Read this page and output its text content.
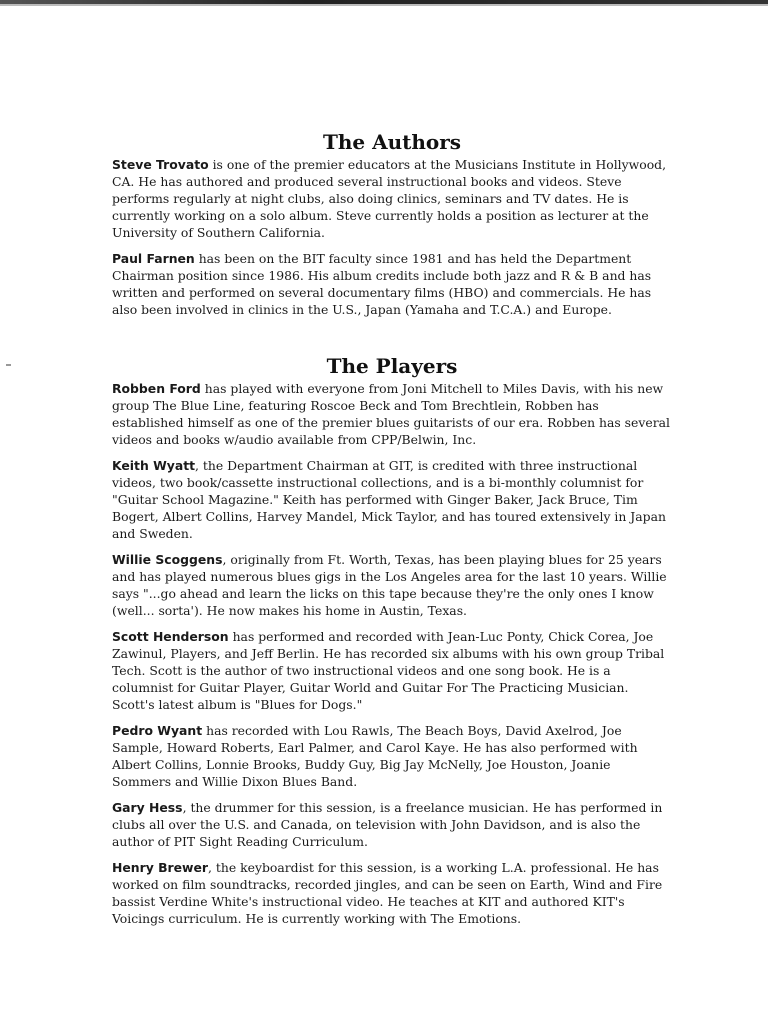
The Authors

Steve Trovato is one of the premier educators at the Musicians Institute in Hollywood, CA. He has authored and produced several instructional books and videos. Steve performs regularly at night clubs, also doing clinics, seminars and TV dates. He is currently working on a solo album. Steve currently holds a position as lecturer at the University of Southern California.

Paul Farnen has been on the BIT faculty since 1981 and has held the Department Chairman position since 1986. His album credits include both jazz and R & B and has written and performed on several documentary films (HBO) and commercials. He has also been involved in clinics in the U.S., Japan (Yamaha and T.C.A.) and Europe.

The Players

Robben Ford has played with everyone from Joni Mitchell to Miles Davis, with his new group The Blue Line, featuring Roscoe Beck and Tom Brechtlein, Robben has established himself as one of the premier blues guitarists of our era. Robben has several videos and books w/audio available from CPP/Belwin, Inc.

Keith Wyatt, the Department Chairman at GIT, is credited with three instructional videos, two book/cassette instructional collections, and is a bi-monthly columnist for "Guitar School Magazine." Keith has performed with Ginger Baker, Jack Bruce, Tim Bogert, Albert Collins, Harvey Mandel, Mick Taylor, and has toured extensively in Japan and Sweden.

Willie Scoggens, originally from Ft. Worth, Texas, has been playing blues for 25 years and has played numerous blues gigs in the Los Angeles area for the last 10 years. Willie says "...go ahead and learn the licks on this tape because they're the only ones I know (well... sorta'). He now makes his home in Austin, Texas.

Scott Henderson has performed and recorded with Jean-Luc Ponty, Chick Corea, Joe Zawinul, Players, and Jeff Berlin. He has recorded six albums with his own group Tribal Tech. Scott is the author of two instructional videos and one song book. He is a columnist for Guitar Player, Guitar World and Guitar For The Practicing Musician. Scott's latest album is "Blues for Dogs."

Pedro Wyant has recorded with Lou Rawls, The Beach Boys, David Axelrod, Joe Sample, Howard Roberts, Earl Palmer, and Carol Kaye. He has also performed with Albert Collins, Lonnie Brooks, Buddy Guy, Big Jay McNelly, Joe Houston, Joanie Sommers and Willie Dixon Blues Band.

Gary Hess, the drummer for this session, is a freelance musician. He has performed in clubs all over the U.S. and Canada, on television with John Davidson, and is also the author of PIT Sight Reading Curriculum.

Henry Brewer, the keyboardist for this session, is a working L.A. professional. He has worked on film soundtracks, recorded jingles, and can be seen on Earth, Wind and Fire bassist Verdine White's instructional video. He teaches at KIT and authored KIT's Voicings curriculum. He is currently working with The Emotions.
